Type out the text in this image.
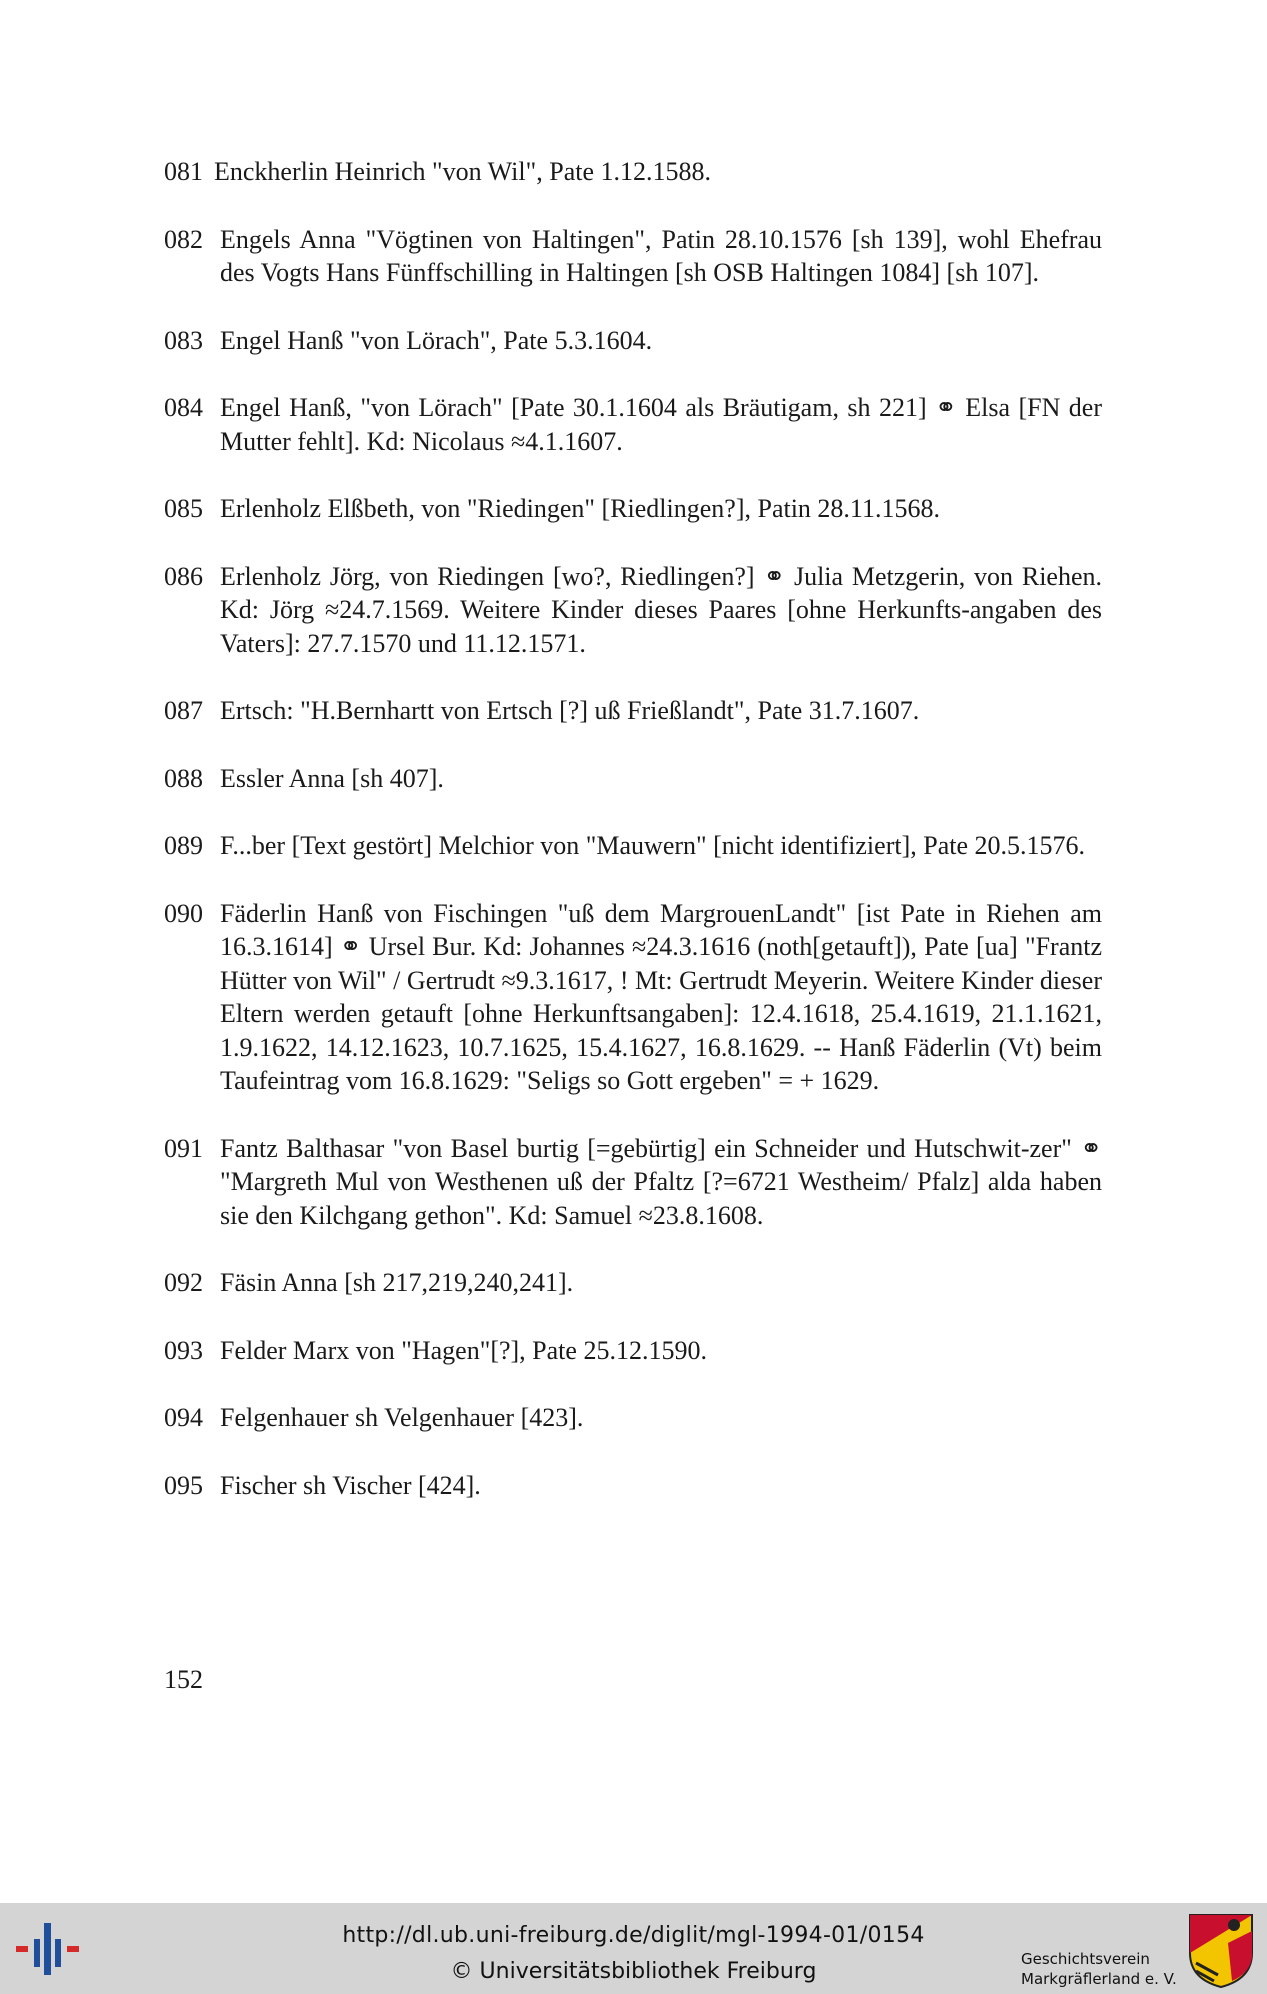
081 Enckherlin Heinrich "von Wil", Pate 1.12.1588.
082 Engels Anna "Vögtinen von Haltingen", Patin 28.10.1576 [sh 139], wohl Ehefrau des Vogts Hans Fünffschilling in Haltingen [sh OSB Haltingen 1084] [sh 107].
083 Engel Hanß "von Lörach", Pate 5.3.1604.
084 Engel Hanß, "von Lörach" [Pate 30.1.1604 als Bräutigam, sh 221] ⚭ Elsa [FN der Mutter fehlt]. Kd: Nicolaus ≈4.1.1607.
085 Erlenholz Elßbeth, von "Riedingen" [Riedlingen?], Patin 28.11.1568.
086 Erlenholz Jörg, von Riedingen [wo?, Riedlingen?] ⚭ Julia Metzgerin, von Riehen. Kd: Jörg ≈24.7.1569. Weitere Kinder dieses Paares [ohne Herkunfts-angaben des Vaters]: 27.7.1570 und 11.12.1571.
087 Ertsch: "H.Bernhartt von Ertsch [?] uß Frießlandt", Pate 31.7.1607.
088 Essler Anna [sh 407].
089 F...ber [Text gestört] Melchior von "Mauwern" [nicht identifiziert], Pate 20.5.1576.
090 Fäderlin Hanß von Fischingen "uß dem MargrouenLandt" [ist Pate in Riehen am 16.3.1614] ⚭ Ursel Bur. Kd: Johannes ≈24.3.1616 (noth[getauft]), Pate [ua] "Frantz Hütter von Wil" / Gertrudt ≈9.3.1617, ! Mt: Gertrudt Meyerin. Weitere Kinder dieser Eltern werden getauft [ohne Herkunftsangaben]: 12.4.1618, 25.4.1619, 21.1.1621, 1.9.1622, 14.12.1623, 10.7.1625, 15.4.1627, 16.8.1629. -- Hanß Fäderlin (Vt) beim Taufeintrag vom 16.8.1629: "Seligs so Gott ergeben" = + 1629.
091 Fantz Balthasar "von Basel burtig [=gebürtig] ein Schneider und Hutschwit-zer" ⚭ "Margreth Mul von Westhenen uß der Pfaltz [?=6721 Westheim/ Pfalz] alda haben sie den Kilchgang gethon". Kd: Samuel ≈23.8.1608.
092 Fäsin Anna [sh 217,219,240,241].
093 Felder Marx von "Hagen"[?], Pate 25.12.1590.
094 Felgenhauer sh Velgenhauer [423].
095 Fischer sh Vischer [424].
152
http://dl.ub.uni-freiburg.de/diglit/mgl-1994-01/0154
© Universitätsbibliothek Freiburg	Geschichtsverein
Markgräflerland e. V.
